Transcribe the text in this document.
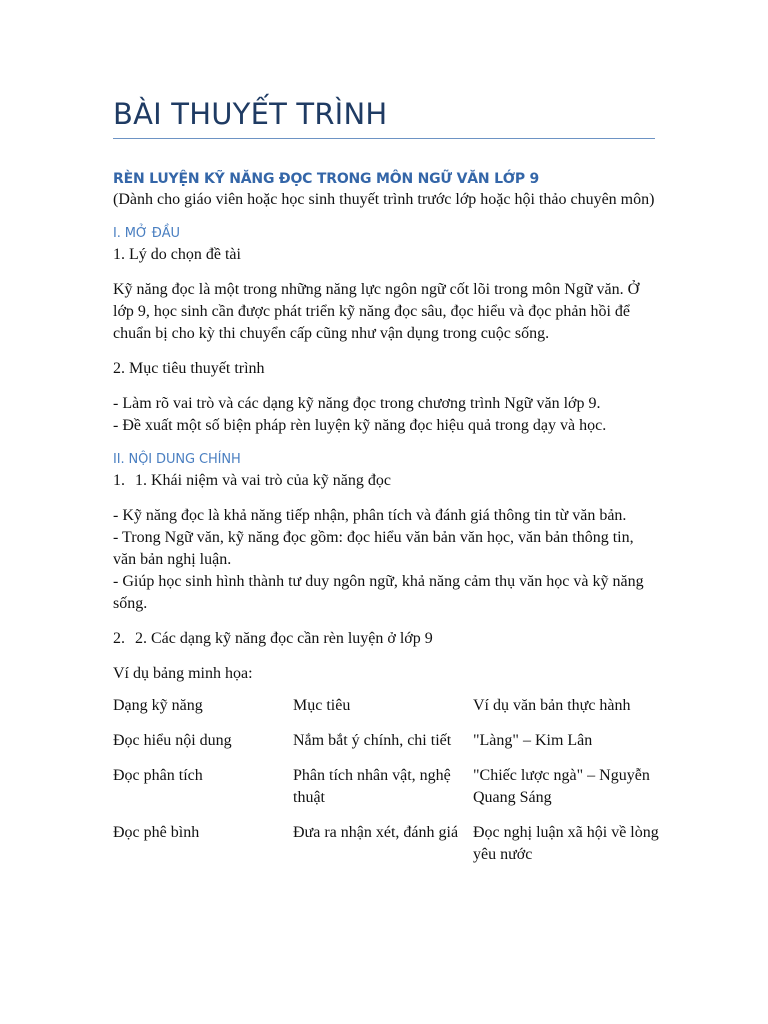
BÀI THUYẾT TRÌNH
RÈN LUYỆN KỸ NĂNG ĐỌC TRONG MÔN NGỮ VĂN LỚP 9

(Dành cho giáo viên hoặc học sinh thuyết trình trước lớp hoặc hội thảo chuyên môn)

I. MỞ ĐẦU

1. Lý do chọn đề tài

Kỹ năng đọc là một trong những năng lực ngôn ngữ cốt lõi trong môn Ngữ văn. Ở lớp 9, học sinh cần được phát triển kỹ năng đọc sâu, đọc hiểu và đọc phản hồi để chuẩn bị cho kỳ thi chuyển cấp cũng như vận dụng trong cuộc sống.

2. Mục tiêu thuyết trình

- Làm rõ vai trò và các dạng kỹ năng đọc trong chương trình Ngữ văn lớp 9.

- Đề xuất một số biện pháp rèn luyện kỹ năng đọc hiệu quả trong dạy và học.

II. NỘI DUNG CHÍNH
1. 1. Khái niệm và vai trò của kỹ năng đọc

- Kỹ năng đọc là khả năng tiếp nhận, phân tích và đánh giá thông tin từ văn bản.

- Trong Ngữ văn, kỹ năng đọc gồm: đọc hiểu văn bản văn học, văn bản thông tin, văn bản nghị luận.

- Giúp học sinh hình thành tư duy ngôn ngữ, khả năng cảm thụ văn học và kỹ năng sống.

2. 2. Các dạng kỹ năng đọc cần rèn luyện ở lớp 9

Ví dụ bảng minh họa:

Dạng kỹ năng	Mục tiêu	Ví dụ văn bản thực hành
Đọc hiểu nội dung	Nắm bắt ý chính, chi tiết	"Làng" – Kim Lân
Đọc phân tích	Phân tích nhân vật, nghệ thuật	"Chiếc lược ngà" – Nguyễn Quang Sáng
Đọc phê bình	Đưa ra nhận xét, đánh giá	Đọc nghị luận xã hội về lòng yêu nước
